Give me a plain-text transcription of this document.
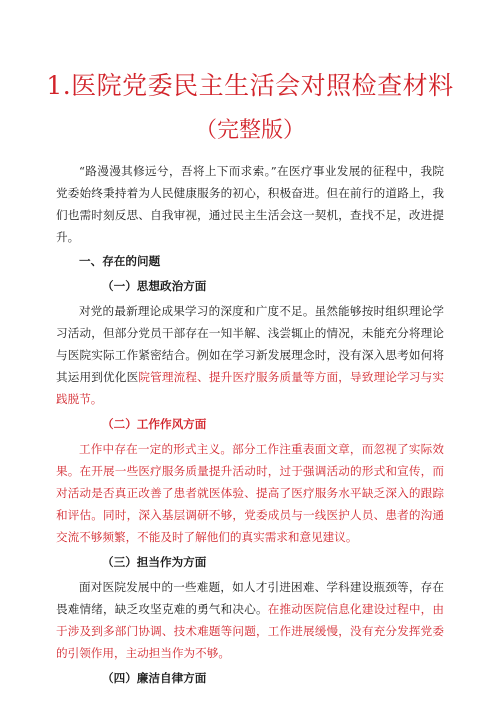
1.医院党委民主生活会对照检查材料
（完整版）

“路漫漫其修远兮，吾将上下而求索。”在医疗事业发展的征程中，我院党委始终秉持着为人民健康服务的初心，积极奋进。但在前行的道路上，我们也需时刻反思、自我审视，通过民主生活会这一契机，查找不足，改进提升。

一、存在的问题

（一）思想政治方面

对党的最新理论成果学习的深度和广度不足。虽然能够按时组织理论学习活动，但部分党员干部存在一知半解、浅尝辄止的情况，未能充分将理论与医院实际工作紧密结合。例如在学习新发展理念时，没有深入思考如何将其运用到优化医院管理流程、提升医疗服务质量等方面，导致理论学习与实践脱节。

（二）工作作风方面

工作中存在一定的形式主义。部分工作注重表面文章，而忽视了实际效果。在开展一些医疗服务质量提升活动时，过于强调活动的形式和宣传，而对活动是否真正改善了患者就医体验、提高了医疗服务水平缺乏深入的跟踪和评估。同时，深入基层调研不够，党委成员与一线医护人员、患者的沟通交流不够频繁，不能及时了解他们的真实需求和意见建议。

（三）担当作为方面

面对医院发展中的一些难题，如人才引进困难、学科建设瓶颈等，存在畏难情绪，缺乏攻坚克难的勇气和决心。在推动医院信息化建设过程中，由于涉及到多部门协调、技术难题等问题，工作进展缓慢，没有充分发挥党委的引领作用，主动担当作为不够。

（四）廉洁自律方面
